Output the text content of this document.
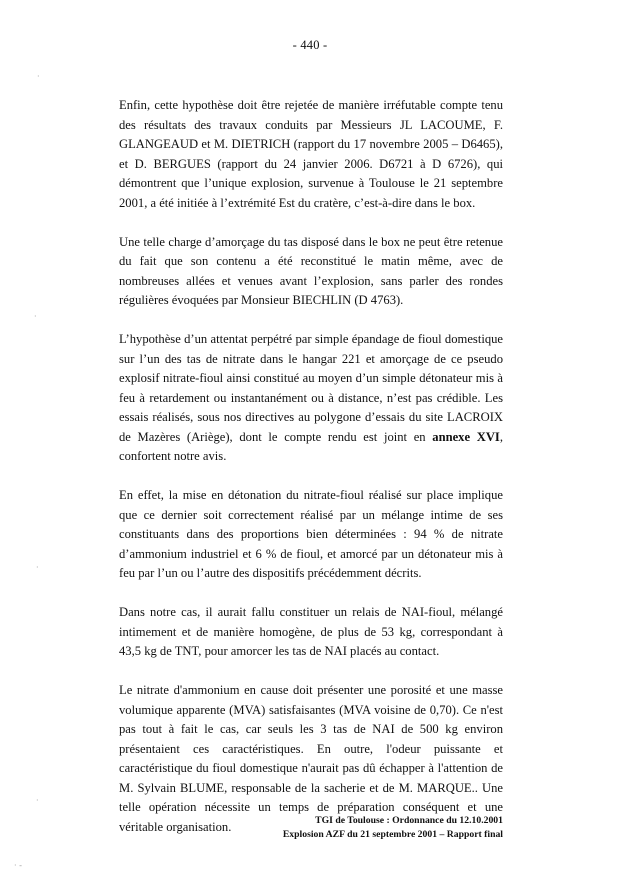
- 440 -

Enfin, cette hypothèse doit être rejetée de manière irréfutable compte tenu des résultats des travaux conduits par Messieurs JL LACOUME, F. GLANGEAUD et M. DIETRICH (rapport du 17 novembre 2005 – D6465), et D. BERGUES (rapport du 24 janvier 2006. D6721 à D 6726), qui démontrent que l’unique explosion, survenue à Toulouse le 21 septembre 2001, a été initiée à l’extrémité Est du cratère, c’est-à-dire dans le box.

Une telle charge d’amorçage du tas disposé dans le box ne peut être retenue du fait que son contenu a été reconstitué le matin même, avec de nombreuses allées et venues avant l’explosion, sans parler des rondes régulières évoquées par Monsieur BIECHLIN (D 4763).

L’hypothèse d’un attentat perpétré par simple épandage de fioul domestique sur l’un des tas de nitrate dans le hangar 221 et amorçage de ce pseudo explosif nitrate-fioul ainsi constitué au moyen d’un simple détonateur mis à feu à retardement ou instantanément ou à distance, n’est pas crédible. Les essais réalisés, sous nos directives au polygone d’essais du site LACROIX de Mazères (Ariège), dont le compte rendu est joint en annexe XVI, confortent notre avis.

En effet, la mise en détonation du nitrate-fioul réalisé sur place implique que ce dernier soit correctement réalisé par un mélange intime de ses constituants dans des proportions bien déterminées : 94 % de nitrate d’ammonium industriel et 6 % de fioul, et amorcé par un détonateur mis à feu par l’un ou l’autre des dispositifs précédemment décrits.

Dans notre cas, il aurait fallu constituer un relais de NAI-fioul, mélangé intimement et de manière homogène, de plus de 53 kg, correspondant à 43,5 kg de TNT, pour amorcer les tas de NAI placés au contact.

Le nitrate d'ammonium en cause doit présenter une porosité et une masse volumique apparente (MVA) satisfaisantes (MVA voisine de 0,70). Ce n'est pas tout à fait le cas, car seuls les 3 tas de NAI de 500 kg environ présentaient ces caractéristiques. En outre, l'odeur puissante et caractéristique du fioul domestique n'aurait pas dû échapper à l'attention de M. Sylvain BLUME, responsable de la sacherie et de M. MARQUE.. Une telle opération nécessite un temps de préparation conséquent et une véritable organisation.	TGI de Toulouse : Ordonnance du 12.10.2001
Explosion AZF du 21 septembre 2001 – Rapport final
·
·
·
·
· -
